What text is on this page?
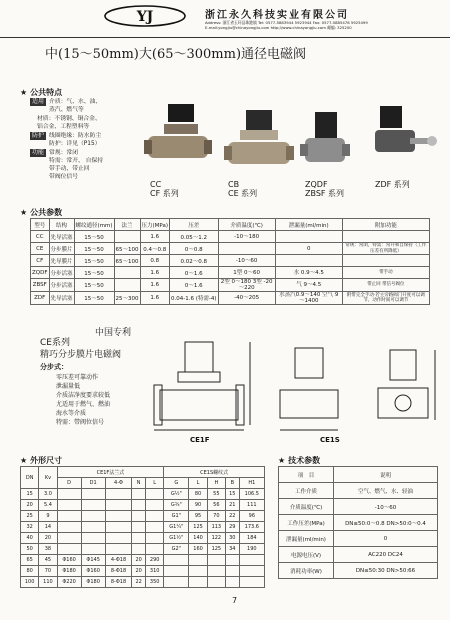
YJ	浙江永久科技实业有限公司
Address: 浙江省玉环县珠港镇 Tel: 0577-5883944 5923944 Fax: 0577-5885478 5925499
E-mail:yongjiu@chinayongjiu.com http://www.chinayongjiu.com 邮编: 325200
中(15～50mm)大(65～300mm)通径电磁阀
★ 公共特点
适用 介质：气、水、油、
蒸汽、燃气等
材质：不锈钢、铜合金、
铝合金、工程塑料等
防护 线圈绝缘：防水防尘
防护：详见（P15）
功能 常规：常闭
特需：常开、 自保持
带手动、带止回
带阀位信号
CC
CF 系列
CB
CE 系列
ZQDF
ZBSF 系列
ZDF 系列
★ 公共参数
型号	结构	螺纹通径(mm)	法兰	压力(MPa)	压差	介质温度(℃)	泄漏量(ml/min)	附加功能
CC	先导活塞	15～50		1.6	0.05～1.2	-10～180		
CE	分步膜片	15～50	65～100	0.4～0.8	0～0.8		0	常规：常闭，特需：常开和自保持（工作压差有所降低）
CF	先导膜片	15～50	65～100	0.8	0.02～0.8	-10～60		
ZQDF	分步活塞	15～50		1.6	0～1.6	1型 0～60	水 0.9～4.5	带手动
ZBSF	分步活塞	15～50		1.6	0～1.6	2型 0～180 3型 -20～220	气 9～4.5	带止回 带信号阀位
ZDF	先导活塞	15～50	25～300	1.6	0.04-1.6 (特需-4)	-40～205	水蒸汽0.9～140 空气 9～1400	附带完全手动·若主旁路阀门开度可以调节，动作时间可以调节
中国专利
CE系列
精巧分步膜片电磁阀
分步式：
零压差可靠动作
泄漏量低
介质洁净度要求较低
尤适用于燃气、燃油
海水等介质
特需：带阀位信号
CE1F	CE1S
★ 外形尺寸
DN	Kv	CE1F法兰式					CE1S螺纹式				
		D	D1	4-Φ	N	L	G	L	H	B	H1
15	3.0						G½"	80	55	15	106.5
20	5.4						G¾"	90	56	21	111
25	9						G1"	95	70	22	96
32	14						G1¼"	125	113	29	173.6
40	20						G1½"	140	122	30	184
50	38						G2"	160	125	34	190
65	45	Φ160	Φ145	4-Φ18	20	290					
80	70	Φ180	Φ160	8-Φ18	20	310					
100	110	Φ220	Φ180	8-Φ18	22	350					
★ 技术参数
项　目	说明
工作介质	空气、燃气、水、轻油
介质温度(℃)	-10～60
工作压差(MPa)	DN≤50:0～0.8 DN>50:0～0.4
泄漏量(ml/min)	0
电源电压(V)	AC220 DC24
消耗功率(W)	DN≤50:30 DN>50:66
7
